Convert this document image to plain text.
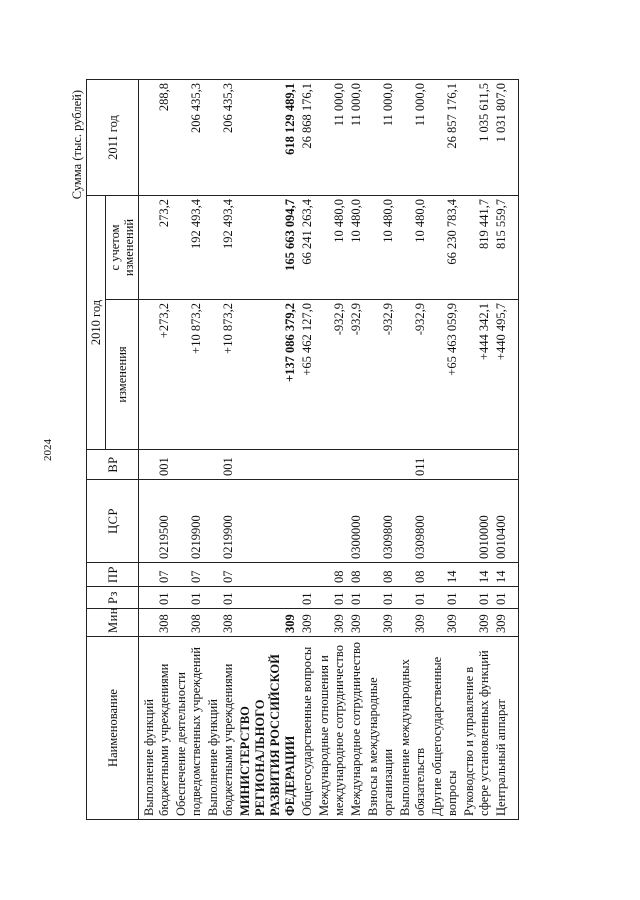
2024
Сумма (тыс. рублей)
Наименование	Мин	Рз	ПР	ЦСР	ВР	2010 год		2011 год
						изменения	с учетом изменений	
Выполнение функций бюджетными учреждениями	308	01	07	0219500	001	+273,2	273,2	288,8
Обеспечение деятельности подведомственных учреждений	308	01	07	0219900		+10 873,2	192 493,4	206 435,3
Выполнение функций бюджетными учреждениями	308	01	07	0219900	001	+10 873,2	192 493,4	206 435,3
МИНИСТЕРСТВО РЕГИОНАЛЬНОГО РАЗВИТИЯ РОССИЙСКОЙ ФЕДЕРАЦИИ	309					+137 086 379,2	165 663 094,7	618 129 489,1
Общегосударственные вопросы	309	01				+65 462 127,0	66 241 263,4	26 868 176,1
Международные отношения и международное сотрудничество	309	01	08			-932,9	10 480,0	11 000,0
Международное сотрудничество	309	01	08	0300000		-932,9	10 480,0	11 000,0
Взносы в международные организации	309	01	08	0309800		-932,9	10 480,0	11 000,0
Выполнение международных обязательств	309	01	08	0309800	011	-932,9	10 480,0	11 000,0
Другие общегосударственные вопросы	309	01	14			+65 463 059,9	66 230 783,4	26 857 176,1
Руководство и управление в сфере установленных функций	309	01	14	0010000		+444 342,1	819 441,7	1 035 611,5
Центральный аппарат	309	01	14	0010400		+440 495,7	815 559,7	1 031 807,0
